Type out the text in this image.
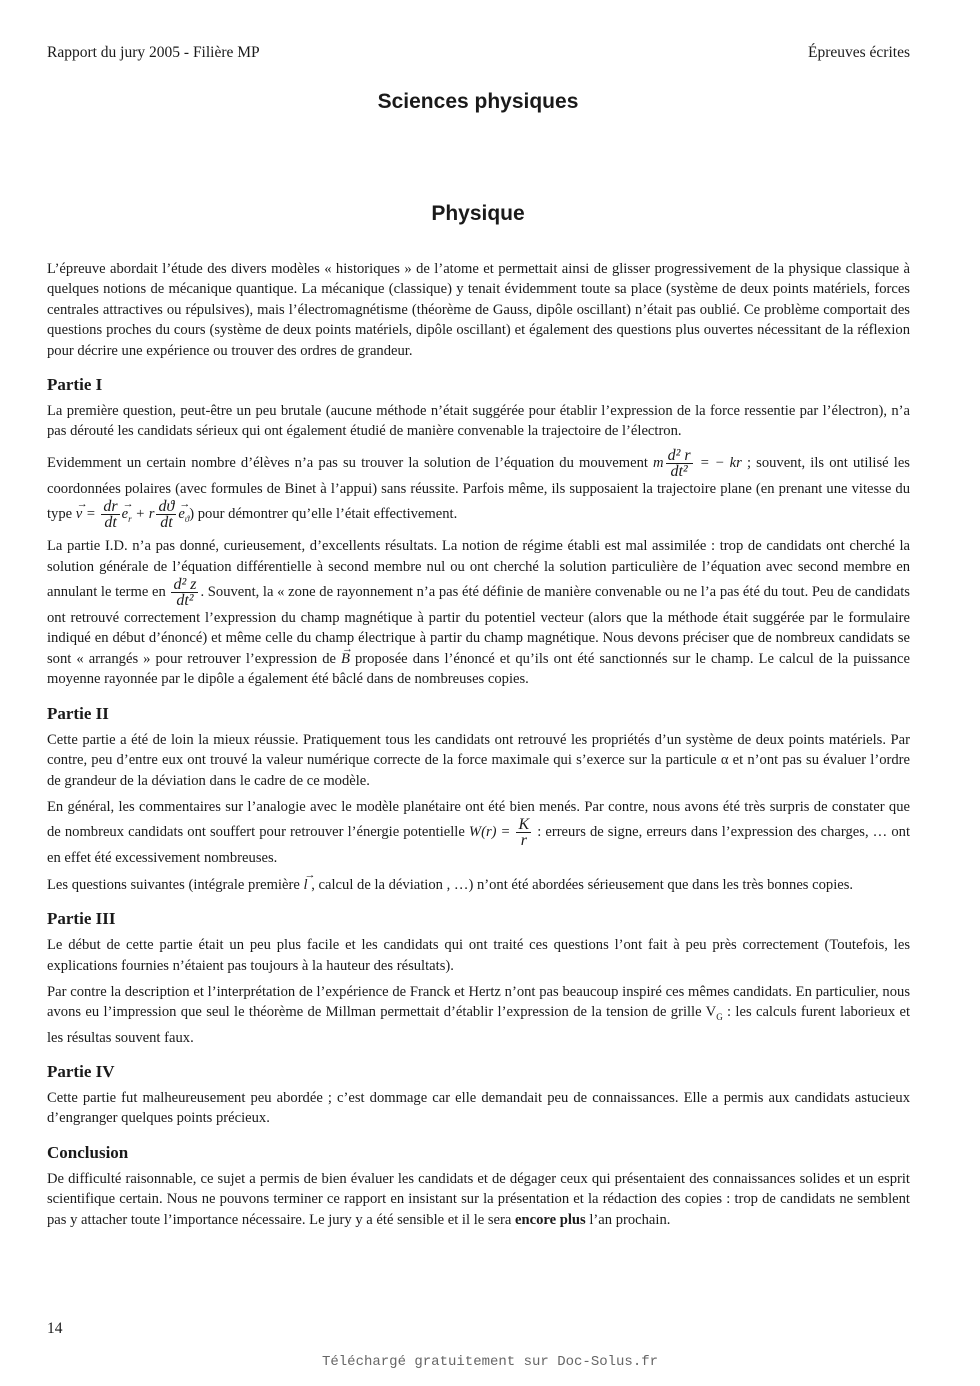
Rapport du jury 2005 - Filière MP	Épreuves écrites
Sciences physiques
Physique

L’épreuve abordait l’étude des divers modèles « historiques » de l’atome et permettait ainsi de glisser progressivement de la physique classique à quelques notions de mécanique quantique. La mécanique (classique) y tenait évidemment toute sa place (système de deux points matériels, forces centrales attractives ou répulsives), mais l’électromagnétisme (théorème de Gauss, dipôle oscillant) n’était pas oublié. Ce problème comportait des questions proches du cours (système de deux points matériels, dipôle oscillant) et également des questions plus ouvertes nécessitant de la réflexion pour décrire une expérience ou trouver des ordres de grandeur.

Partie I

La première question, peut-être un peu brutale (aucune méthode n’était suggérée pour établir l’expression de la force ressentie par l’électron), n’a pas dérouté les candidats sérieux qui ont également étudié de manière convenable la trajectoire de l’électron.

Evidemment un certain nombre d’élèves n’a pas su trouver la solution de l’équation du mouvement m $\frac{\text{d² r}}{\text{dt²}}$ = − kr ; souvent, ils ont utilisé les coordonnées polaires (avec formules de Binet à l’appui) sans réussite. Parfois même, ils supposaient la trajectoire plane (en prenant une vitesse du type → $v = \frac{dr}{dt} \to e_r + r \frac{dϑ}{dt} \to e_ϑ$) pour démontrer qu’elle l’était effectivement.

La partie I.D. n’a pas donné, curieusement, d’excellents résultats. La notion de régime établi est mal assimilée : trop de candidats ont cherché la solution générale de l’équation différentielle à second membre nul ou ont cherché la solution particulière de l’équation avec second membre en annulant le terme en $\frac{\text{d² z}}{\text{dt²}}$ . Souvent, la « zone de rayonnement n’a pas été définie de manière convenable ou ne l’a pas été du tout. Peu de candidats ont retrouvé correctement l’expression du champ magnétique à partir du potentiel vecteur (alors que la méthode était suggérée par le formulaire indiqué en début d’énoncé) et même celle du champ électrique à partir du champ magnétique. Nous devons préciser que de nombreux candidats se sont « arrangés » pour retrouver l’expression de → B proposée dans l’énoncé et qu’ils ont été sanctionnés sur le champ. Le calcul de la puissance moyenne rayonnée par le dipôle a également été bâclé dans de nombreuses copies.

Partie II

Cette partie a été de loin la mieux réussie. Pratiquement tous les candidats ont retrouvé les propriétés d’un système de deux points matériels. Par contre, peu d’entre eux ont trouvé la valeur numérique correcte de la force maximale qui s’exerce sur la particule α et n’ont pas su évaluer l’ordre de grandeur de la déviation dans le cadre de ce modèle.

En général, les commentaires sur l’analogie avec le modèle planétaire ont été bien menés. Par contre, nous avons été très surpris de constater que de nombreux candidats ont souffert pour retrouver l’énergie potentielle $W(r) = \frac{K}{r}$ : erreurs de signe, erreurs dans l’expression des charges, … ont en effet été excessivement nombreuses.

Les questions suivantes (intégrale première → l , calcul de la déviation , …) n’ont été abordées sérieusement que dans les très bonnes copies.

Partie III

Le début de cette partie était un peu plus facile et les candidats qui ont traité ces questions l’ont fait à peu près correctement (Toutefois, les explications fournies n’étaient pas toujours à la hauteur des résultats).

Par contre la description et l’interprétation de l’expérience de Franck et Hertz n’ont pas beaucoup inspiré ces mêmes candidats. En particulier, nous avons eu l’impression que seul le théorème de Millman permettait d’établir l’expression de la tension de grille $V_G$ : les calculs furent laborieux et les résultas souvent faux.

Partie IV

Cette partie fut malheureusement peu abordée ; c’est dommage car elle demandait peu de connaissances. Elle a permis aux candidats astucieux d’engranger quelques points précieux.

Conclusion

De difficulté raisonnable, ce sujet a permis de bien évaluer les candidats et de dégager ceux qui présentaient des connaissances solides et un esprit scientifique certain. Nous ne pouvons terminer ce rapport en insistant sur la présentation et la rédaction des copies : trop de candidats ne semblent pas y attacher toute l’importance nécessaire. Le jury y a été sensible et il le sera encore plus l’an prochain.

14
Téléchargé gratuitement sur Doc-Solus.fr
